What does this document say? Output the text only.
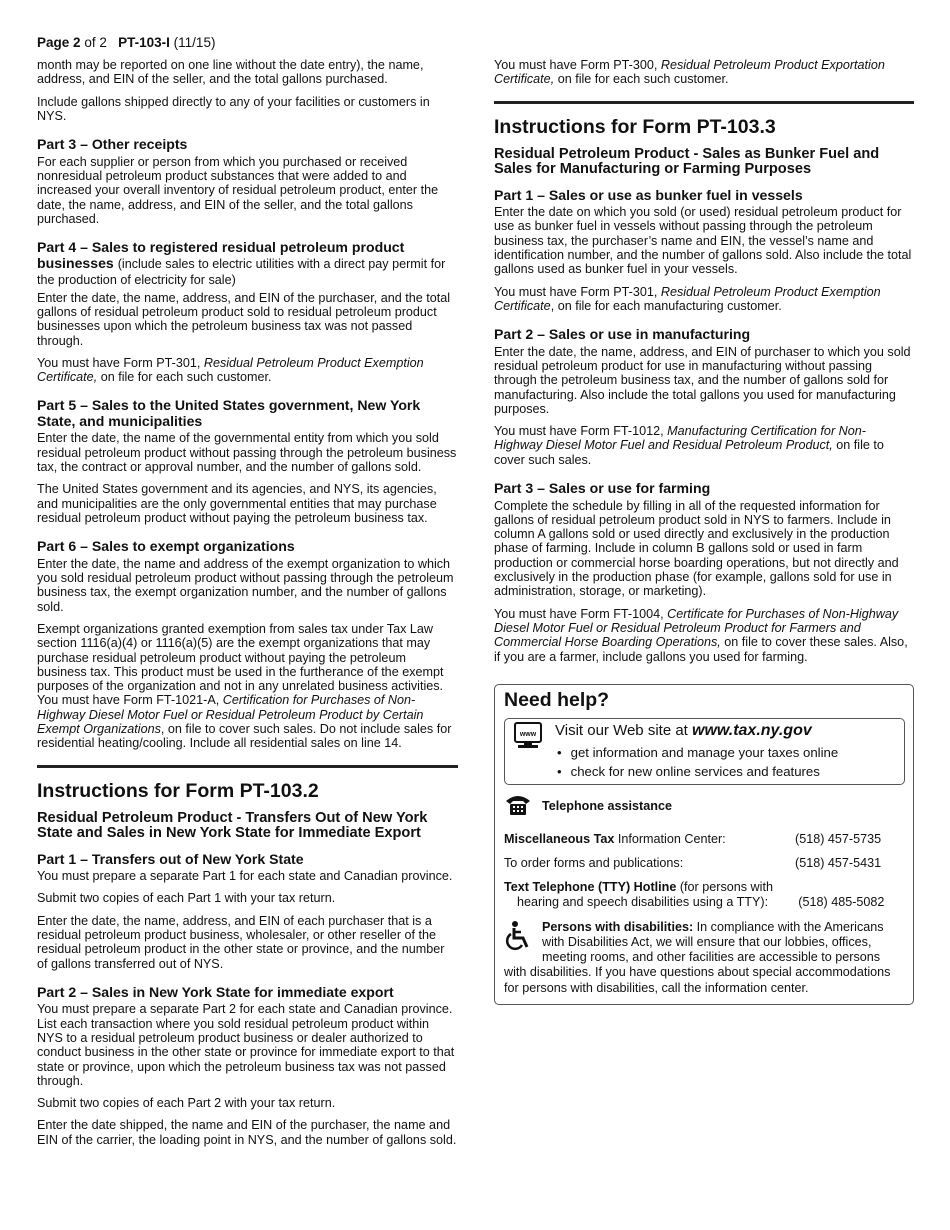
Page 2 of 2 PT-103-I (11/15)

month may be reported on one line without the date entry), the name, address, and EIN of the seller, and the total gallons purchased.

Include gallons shipped directly to any of your facilities or customers in NYS.

Part 3 – Other receipts

For each supplier or person from which you purchased or received nonresidual petroleum product substances that were added to and increased your overall inventory of residual petroleum product, enter the date, the name, address, and EIN of the seller, and the total gallons purchased.

Part 4 – Sales to registered residual petroleum product businesses (include sales to electric utilities with a direct pay permit for the production of electricity for sale)

Enter the date, the name, address, and EIN of the purchaser, and the total gallons of residual petroleum product sold to residual petroleum product businesses upon which the petroleum business tax was not passed through.

You must have Form PT-301, Residual Petroleum Product Exemption Certificate, on file for each such customer.

Part 5 – Sales to the United States government, New York State, and municipalities

Enter the date, the name of the governmental entity from which you sold residual petroleum product without passing through the petroleum business tax, the contract or approval number, and the number of gallons sold.

The United States government and its agencies, and NYS, its agencies, and municipalities are the only governmental entities that may purchase residual petroleum product without paying the petroleum business tax.

Part 6 – Sales to exempt organizations

Enter the date, the name and address of the exempt organization to which you sold residual petroleum product without passing through the petroleum business tax, the exempt organization number, and the number of gallons sold.

Exempt organizations granted exemption from sales tax under Tax Law section 1116(a)(4) or 1116(a)(5) are the exempt organizations that may purchase residual petroleum product without paying the petroleum business tax. This product must be used in the furtherance of the exempt purposes of the organization and not in any unrelated business activities. You must have Form FT-1021-A, Certification for Purchases of Non-Highway Diesel Motor Fuel or Residual Petroleum Product by Certain Exempt Organizations, on file to cover such sales. Do not include sales for residential heating/cooling. Include all residential sales on line 14.

Instructions for Form PT-103.2
Residual Petroleum Product - Transfers Out of New York State and Sales in New York State for Immediate Export
Part 1 – Transfers out of New York State

You must prepare a separate Part 1 for each state and Canadian province.

Submit two copies of each Part 1 with your tax return.

Enter the date, the name, address, and EIN of each purchaser that is a residual petroleum product business, wholesaler, or other reseller of the residual petroleum product in the other state or province, and the number of gallons transferred out of NYS.

Part 2 – Sales in New York State for immediate export

You must prepare a separate Part 2 for each state and Canadian province. List each transaction where you sold residual petroleum product within NYS to a residual petroleum product business or dealer authorized to conduct business in the other state or province for immediate export to that state or province, upon which the petroleum business tax was not passed through.

Submit two copies of each Part 2 with your tax return.

Enter the date shipped, the name and EIN of the purchaser, the name and EIN of the carrier, the loading point in NYS, and the number of gallons sold.

You must have Form PT-300, Residual Petroleum Product Exportation Certificate, on file for each such customer.

Instructions for Form PT-103.3
Residual Petroleum Product - Sales as Bunker Fuel and Sales for Manufacturing or Farming Purposes
Part 1 – Sales or use as bunker fuel in vessels

Enter the date on which you sold (or used) residual petroleum product for use as bunker fuel in vessels without passing through the petroleum business tax, the purchaser’s name and EIN, the vessel’s name and identification number, and the number of gallons sold. Also include the total gallons used as bunker fuel in your vessels.

You must have Form PT-301, Residual Petroleum Product Exemption Certificate, on file for each manufacturing customer.

Part 2 – Sales or use in manufacturing

Enter the date, the name, address, and EIN of purchaser to which you sold residual petroleum product for use in manufacturing without passing through the petroleum business tax, and the number of gallons sold for manufacturing. Also include the total gallons you used for manufacturing purposes.

You must have Form FT-1012, Manufacturing Certification for Non-Highway Diesel Motor Fuel and Residual Petroleum Product, on file to cover such sales.

Part 3 – Sales or use for farming

Complete the schedule by filling in all of the requested information for gallons of residual petroleum product sold in NYS to farmers. Include in column A gallons sold or used directly and exclusively in the production phase of farming. Include in column B gallons sold or used in farm production or commercial horse boarding operations, but not directly and exclusively in the production phase (for example, gallons sold for use in administration, storage, or marketing).

You must have Form FT-1004, Certificate for Purchases of Non-Highway Diesel Motor Fuel or Residual Petroleum Product for Farmers and Commercial Horse Boarding Operations, on file to cover these sales. Also, if you are a farmer, include gallons you used for farming.

Need help?
www Visit our Web site at www.tax.ny.gov
• get information and manage your taxes online
• check for new online services and features
Telephone assistance
Miscellaneous Tax Information Center:	(518) 457-5735
To order forms and publications:	(518) 457-5431
Text Telephone (TTY) Hotline (for persons with hearing and speech disabilities using a TTY):	(518) 485-5082
Persons with disabilities: In compliance with the Americans with Disabilities Act, we will ensure that our lobbies, offices, meeting rooms, and other facilities are accessible to persons with disabilities. If you have questions about special accommodations for persons with disabilities, call the information center.
